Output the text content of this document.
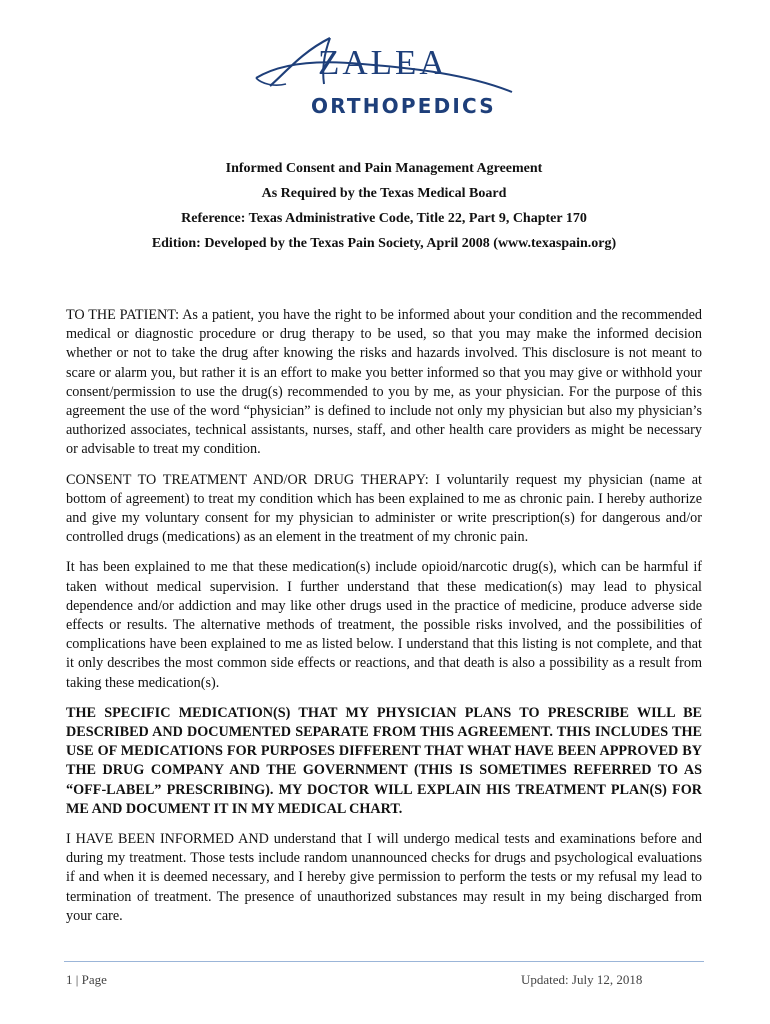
ZALEA
ORTHOPEDICS

Informed Consent and Pain Management Agreement

As Required by the Texas Medical Board

Reference: Texas Administrative Code, Title 22, Part 9, Chapter 170

Edition: Developed by the Texas Pain Society, April 2008 (www.texaspain.org)

TO THE PATIENT: As a patient, you have the right to be informed about your condition and the recommended medical or diagnostic procedure or drug therapy to be used, so that you may make the informed decision whether or not to take the drug after knowing the risks and hazards involved. This disclosure is not meant to scare or alarm you, but rather it is an effort to make you better informed so that you may give or withhold your consent/permission to use the drug(s) recommended to you by me, as your physician. For the purpose of this agreement the use of the word “physician” is defined to include not only my physician but also my physician’s authorized associates, technical assistants, nurses, staff, and other health care providers as might be necessary or advisable to treat my condition.

CONSENT TO TREATMENT AND/OR DRUG THERAPY: I voluntarily request my physician (name at bottom of agreement) to treat my condition which has been explained to me as chronic pain. I hereby authorize and give my voluntary consent for my physician to administer or write prescription(s) for dangerous and/or controlled drugs (medications) as an element in the treatment of my chronic pain.

It has been explained to me that these medication(s) include opioid/narcotic drug(s), which can be harmful if taken without medical supervision. I further understand that these medication(s) may lead to physical dependence and/or addiction and may like other drugs used in the practice of medicine, produce adverse side effects or results. The alternative methods of treatment, the possible risks involved, and the possibilities of complications have been explained to me as listed below. I understand that this listing is not complete, and that it only describes the most common side effects or reactions, and that death is also a possibility as a result from taking these medication(s).

THE SPECIFIC MEDICATION(S) THAT MY PHYSICIAN PLANS TO PRESCRIBE WILL BE DESCRIBED AND DOCUMENTED SEPARATE FROM THIS AGREEMENT. THIS INCLUDES THE USE OF MEDICATIONS FOR PURPOSES DIFFERENT THAT WHAT HAVE BEEN APPROVED BY THE DRUG COMPANY AND THE GOVERNMENT (THIS IS SOMETIMES REFERRED TO AS “OFF-LABEL” PRESCRIBING). MY DOCTOR WILL EXPLAIN HIS TREATMENT PLAN(S) FOR ME AND DOCUMENT IT IN MY MEDICAL CHART.

I HAVE BEEN INFORMED AND understand that I will undergo medical tests and examinations before and during my treatment. Those tests include random unannounced checks for drugs and psychological evaluations if and when it is deemed necessary, and I hereby give permission to perform the tests or my refusal my lead to termination of treatment. The presence of unauthorized substances may result in my being discharged from your care.

1 | Page	Updated: July 12, 2018
